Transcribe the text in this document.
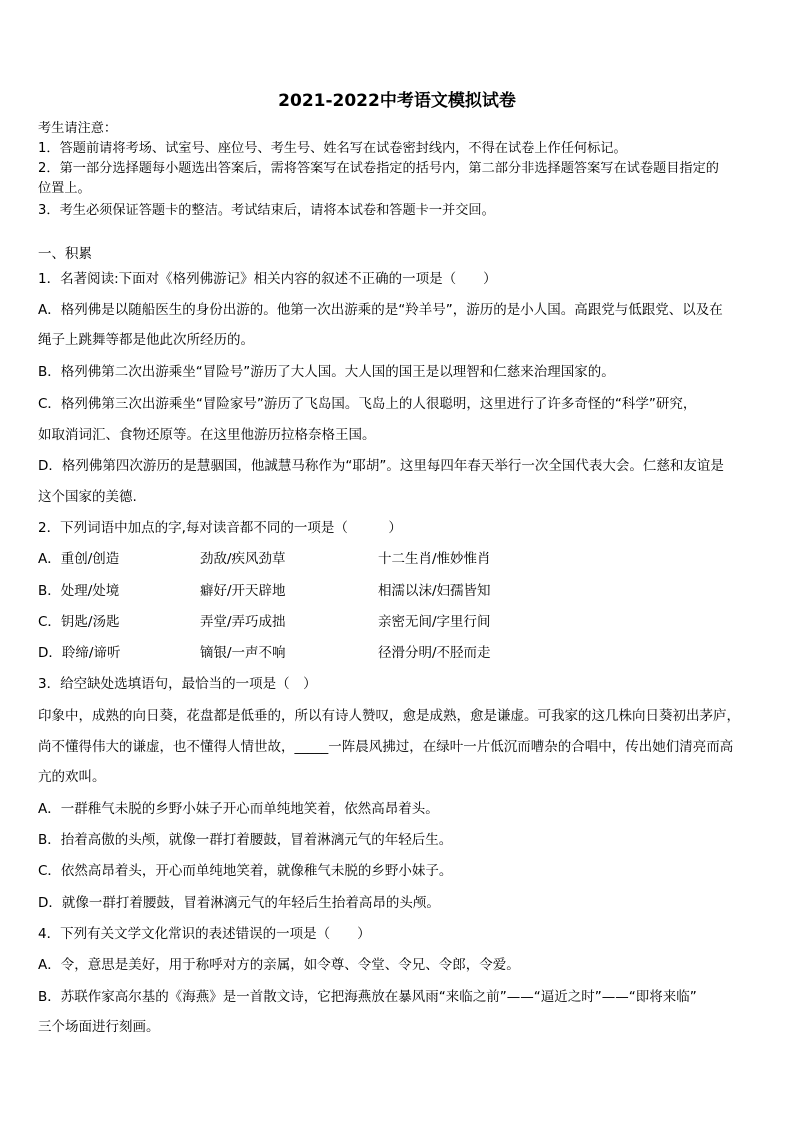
2021-2022中考语文模拟试卷
考生请注意：
1．答题前请将考场、试室号、座位号、考生号、姓名写在试卷密封线内，不得在试卷上作任何标记。
2．第一部分选择题每小题选出答案后，需将答案写在试卷指定的括号内，第二部分非选择题答案写在试卷题目指定的
位置上。
3．考生必须保证答题卡的整洁。考试结束后，请将本试卷和答题卡一并交回。
一、积累
1．名著阅读:下面对《格列佛游记》相关内容的叙述不正确的一项是（　　）
A．格列佛是以随船医生的身份出游的。他第一次出游乘的是“羚羊号”，游历的是小人国。高跟党与低跟党、以及在
绳子上跳舞等都是他此次所经历的。
B．格列佛第二次出游乘坐“冒险号”游历了大人国。大人国的国王是以理智和仁慈来治理国家的。
C．格列佛第三次出游乘坐“冒险家号”游历了飞岛国。飞岛上的人很聪明，这里进行了许多奇怪的“科学”研究，
如取消词汇、食物还原等。在这里他游历拉格奈格王国。
D．格列佛第四次游历的是慧骃国，他誠慧马称作为“耶胡”。这里每四年春天举行一次全国代表大会。仁慈和友谊是
这个国家的美德.
2．下列词语中加点的字,每对读音都不同的一项是（　　　）
A．重创/创造	劲敌/疾风劲草	十二生肖/惟妙惟肖
B．处理/处境	癖好/开天辟地	相濡以沫/妇孺皆知
C．钥匙/汤匙	弄堂/弄巧成拙	亲密无间/字里行间
D．聆缔/谛听	镝银/一声不响	径滑分明/不胫而走
3．给空缺处选填语句，最恰当的一项是（　）
印象中，成熟的向日葵，花盘都是低垂的，所以有诗人赞叹，愈是成熟，愈是谦虚。可我家的这几株向日葵初出茅庐，
尚不懂得伟大的谦虚，也不懂得人情世故，_____一阵晨风拂过，在绿叶一片低沉而嘈杂的合唱中，传出她们清亮而高
亢的欢叫。
A．一群稚气未脱的乡野小妹子开心而单纯地笑着，依然高昂着头。
B．抬着高傲的头颅，就像一群打着腰鼓，冒着淋漓元气的年轻后生。
C．依然高昂着头，开心而单纯地笑着，就像稚气未脱的乡野小妹子。
D．就像一群打着腰鼓，冒着淋漓元气的年轻后生抬着高昂的头颅。
4．下列有关文学文化常识的表述错误的一项是（　　）
A．令，意思是美好，用于称呼对方的亲属，如令尊、令堂、令兄、令郎，令爱。
B．苏联作家高尔基的《海燕》是一首散文诗，它把海燕放在暴风雨“来临之前”——“逼近之时”——“即将来临”
三个场面进行刻画。
